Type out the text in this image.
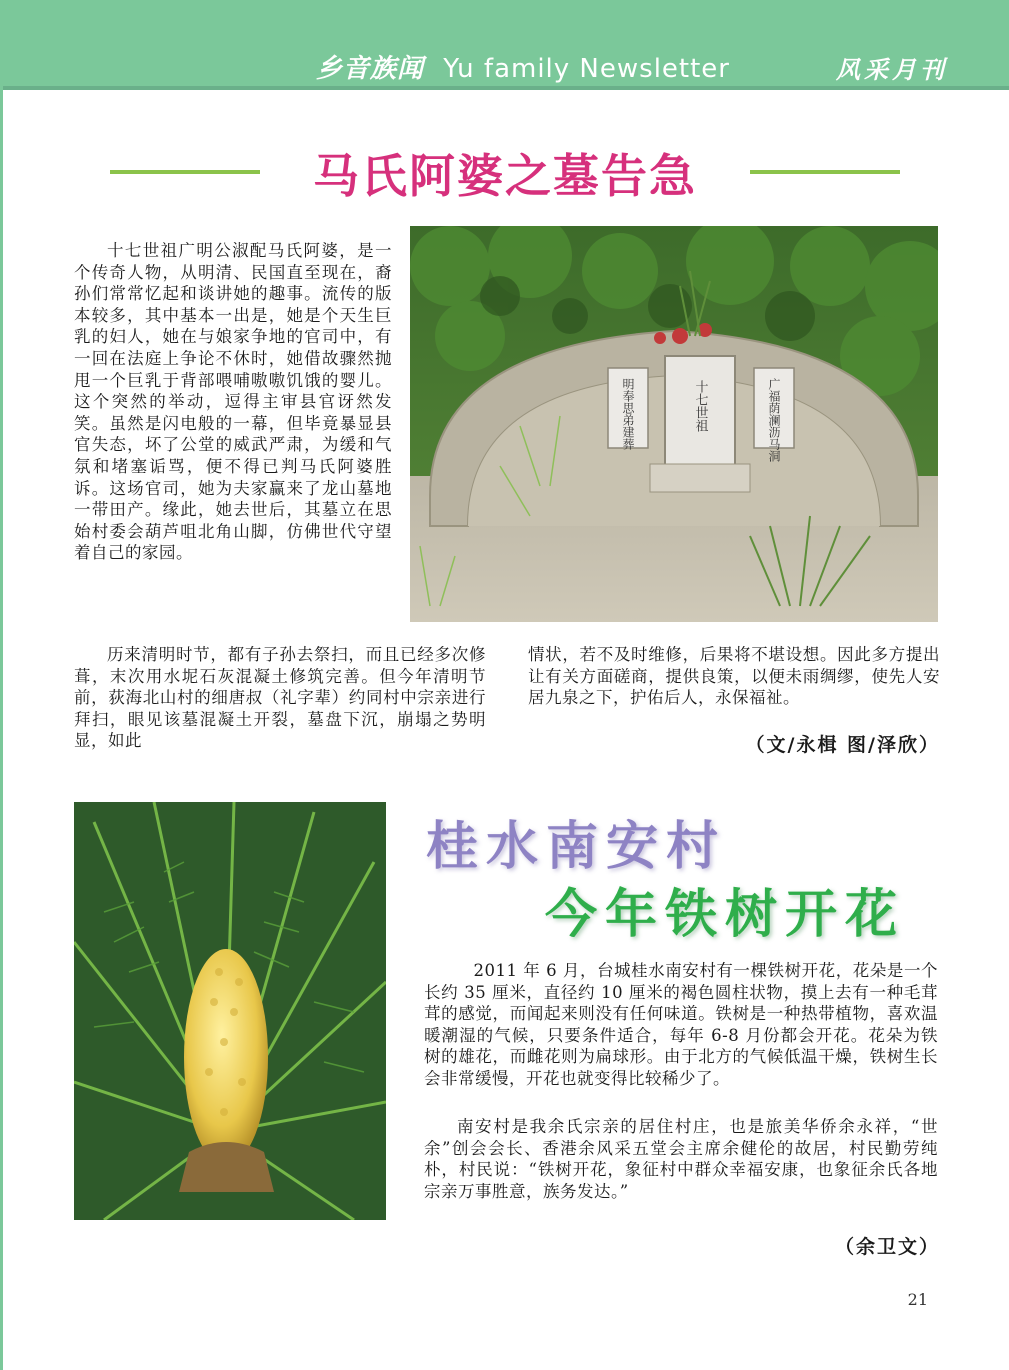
乡音族闻 Yu family Newsletter	风采月刊
马氏阿婆之墓告急

十七世祖广明公淑配马氏阿婆，是一个传奇人物，从明清、民国直至现在，裔孙们常常忆起和谈讲她的趣事。流传的版本较多，其中基本一出是，她是个天生巨乳的妇人，她在与娘家争地的官司中，有一回在法庭上争论不休时，她借故骤然抛甩一个巨乳于背部喂哺嗷嗷饥饿的婴儿。这个突然的举动，逗得主审县官讶然发笑。虽然是闪电般的一幕，但毕竟暴显县官失态，坏了公堂的威武严肃，为缓和气氛和堵塞诟骂，便不得已判马氏阿婆胜诉。这场官司，她为夫家赢来了龙山墓地一带田产。缘此，她去世后，其墓立在思始村委会葫芦咀北角山脚，仿佛世代守望着自己的家园。

十七世祖
明奉思弟建葬	广福荫澜沥马洞

历来清明时节，都有子孙去祭扫，而且已经多次修葺，末次用水坭石灰混凝土修筑完善。但今年清明节前，荻海北山村的细唐叔（礼字辈）约同村中宗亲进行拜扫，眼见该墓混凝土开裂，墓盘下沉，崩塌之势明显，如此

情状，若不及时维修，后果将不堪设想。因此多方提出让有关方面磋商，提供良策，以便未雨绸缪，使先人安居九泉之下，护佑后人，永保福祉。

（文/永楫 图/泽欣）
桂水南安村
今年铁树开花

2011 年 6 月，台城桂水南安村有一棵铁树开花，花朵是一个长约 35 厘米，直径约 10 厘米的褐色圆柱状物，摸上去有一种毛茸茸的感觉，而闻起来则没有任何味道。铁树是一种热带植物，喜欢温暖潮湿的气候，只要条件适合，每年 6-8 月份都会开花。花朵为铁树的雄花，而雌花则为扁球形。由于北方的气候低温干燥，铁树生长会非常缓慢，开花也就变得比较稀少了。

南安村是我余氏宗亲的居住村庄，也是旅美华侨余永祥，“世余”创会会长、香港余风采五堂会主席余健伦的故居，村民勤劳纯朴，村民说：“铁树开花，象征村中群众幸福安康，也象征余氏各地宗亲万事胜意，族务发达。”

（余卫文）
21
